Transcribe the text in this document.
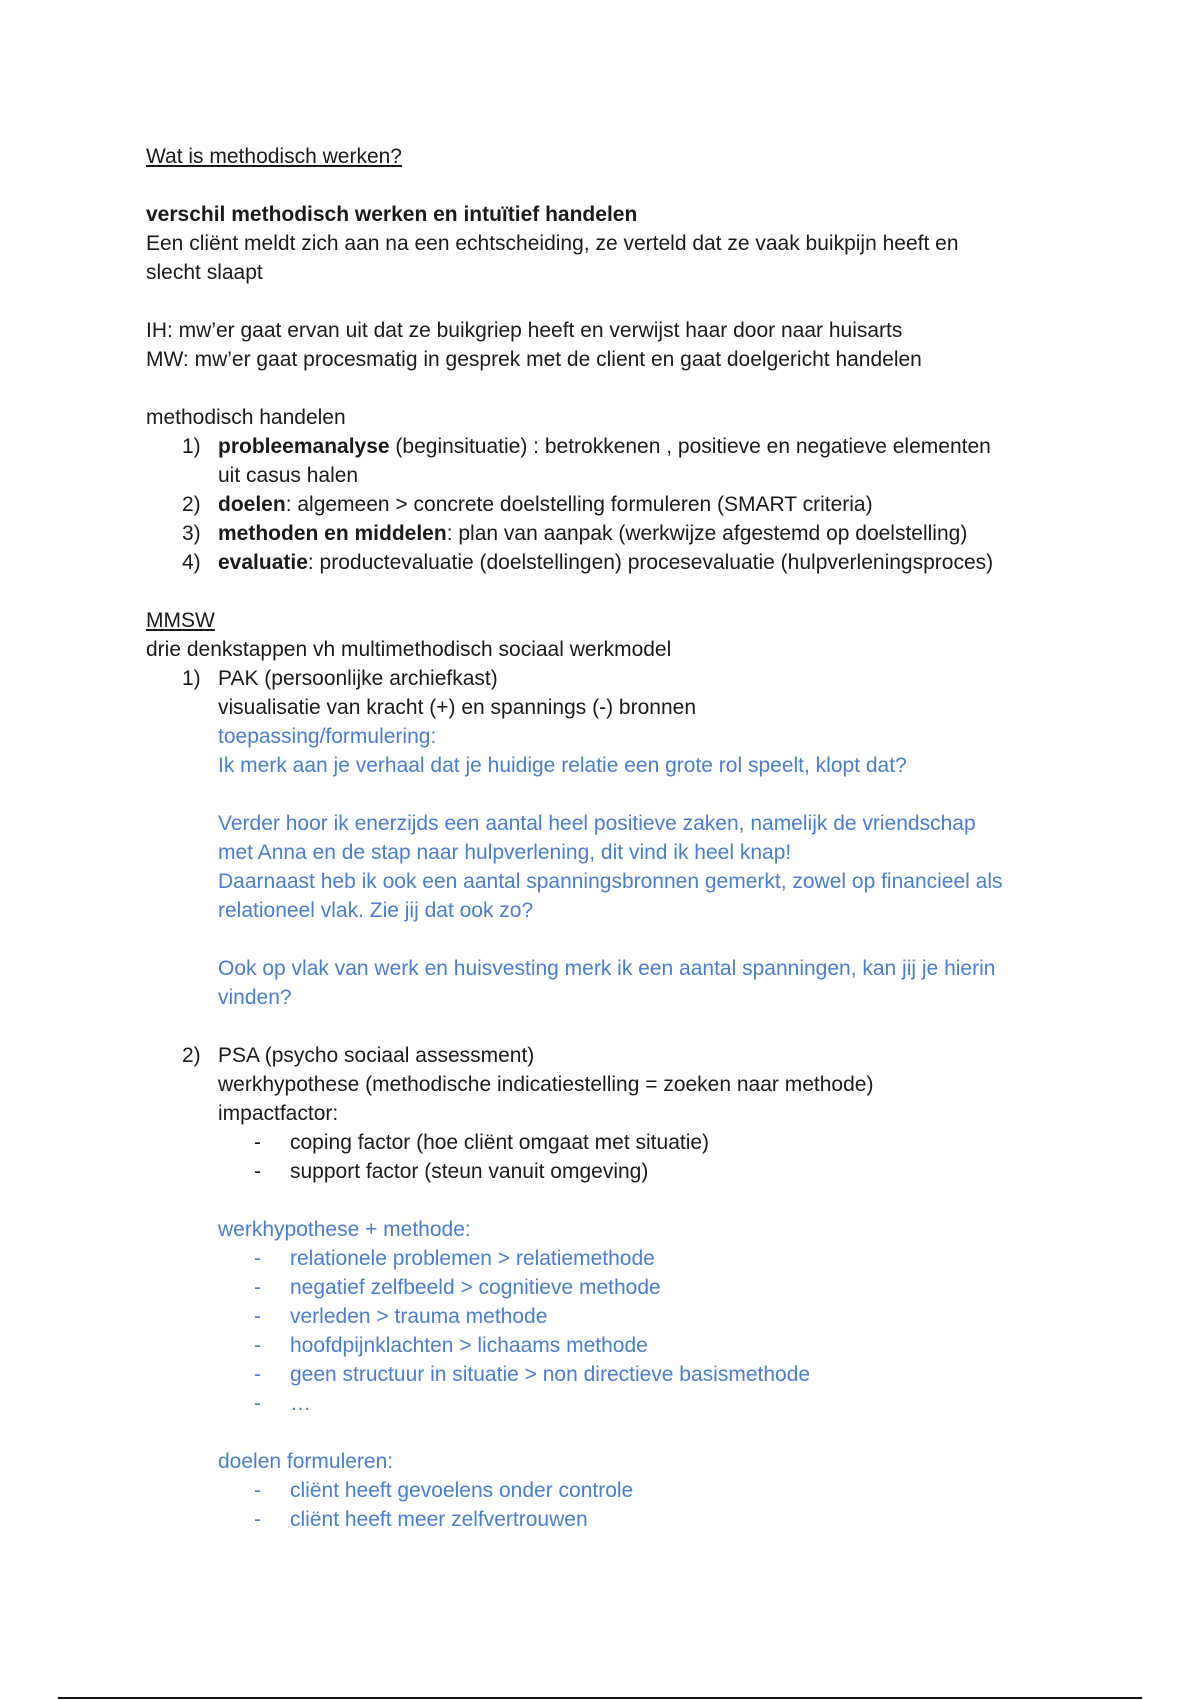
Wat is methodisch werken?
verschil methodisch werken en intuïtief handelen
Een cliënt meldt zich aan na een echtscheiding, ze verteld dat ze vaak buikpijn heeft en
slecht slaapt
IH: mw’er gaat ervan uit dat ze buikgriep heeft en verwijst haar door naar huisarts
MW: mw’er gaat procesmatig in gesprek met de client en gaat doelgericht handelen
methodisch handelen
1) probleemanalyse (beginsituatie) : betrokkenen , positieve en negatieve elementen
uit casus halen
2) doelen: algemeen > concrete doelstelling formuleren (SMART criteria)
3) methoden en middelen: plan van aanpak (werkwijze afgestemd op doelstelling)
4) evaluatie: productevaluatie (doelstellingen) procesevaluatie (hulpverleningsproces)
MMSW
drie denkstappen vh multimethodisch sociaal werkmodel
1) PAK (persoonlijke archiefkast)
visualisatie van kracht (+) en spannings (-) bronnen
toepassing/formulering:
Ik merk aan je verhaal dat je huidige relatie een grote rol speelt, klopt dat?
Verder hoor ik enerzijds een aantal heel positieve zaken, namelijk de vriendschap
met Anna en de stap naar hulpverlening, dit vind ik heel knap!
Daarnaast heb ik ook een aantal spanningsbronnen gemerkt, zowel op financieel als
relationeel vlak. Zie jij dat ook zo?
Ook op vlak van werk en huisvesting merk ik een aantal spanningen, kan jij je hierin
vinden?
2) PSA (psycho sociaal assessment)
werkhypothese (methodische indicatiestelling = zoeken naar methode)
impactfactor:
- coping factor (hoe cliënt omgaat met situatie)
- support factor (steun vanuit omgeving)
werkhypothese + methode:
- relationele problemen > relatiemethode
- negatief zelfbeeld > cognitieve methode
- verleden > trauma methode
- hoofdpijnklachten > lichaams methode
- geen structuur in situatie > non directieve basismethode
- …
doelen formuleren:
- cliënt heeft gevoelens onder controle
- cliënt heeft meer zelfvertrouwen
